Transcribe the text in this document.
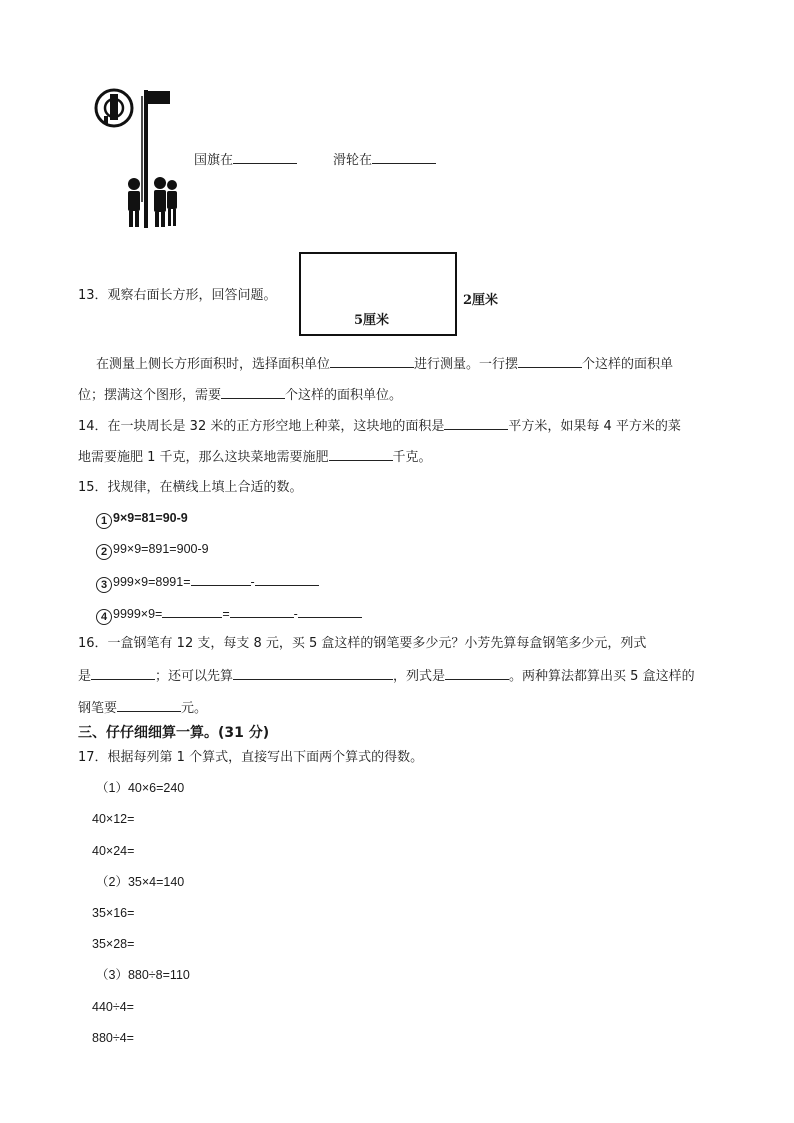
国旗在	滑轮在
13．观察右面长方形，回答问题。
5厘米
2厘米
在测量上侧长方形面积时，选择面积单位	进行测量。一行摆	个这样的面积单
位；摆满这个图形，需要	个这样的面积单位。
14．在一块周长是 32 米的正方形空地上种菜，这块地的面积是	平方米，如果每 4 平方米的菜
地需要施肥 1 千克，那么这块菜地需要施肥	千克。
15．找规律，在横线上填上合适的数。
1 9×9=81=90-9
2 99×9=891=900-9
3 999×9=8991=	-
4 9999×9=	=	-
16．一盒钢笔有 12 支，每支 8 元，买 5 盒这样的钢笔要多少元？小芳先算每盒钢笔多少元，列式
是	；还可以先算	，列式是	。两种算法都算出买 5 盒这样的
钢笔要	元。
三、仔仔细细算一算。(31 分)
17．根据每列第 1 个算式，直接写出下面两个算式的得数。
（1）40×6=240
40×12=
40×24=
（2）35×4=140
35×16=
35×28=
（3）880÷8=110
440÷4=
880÷4=
